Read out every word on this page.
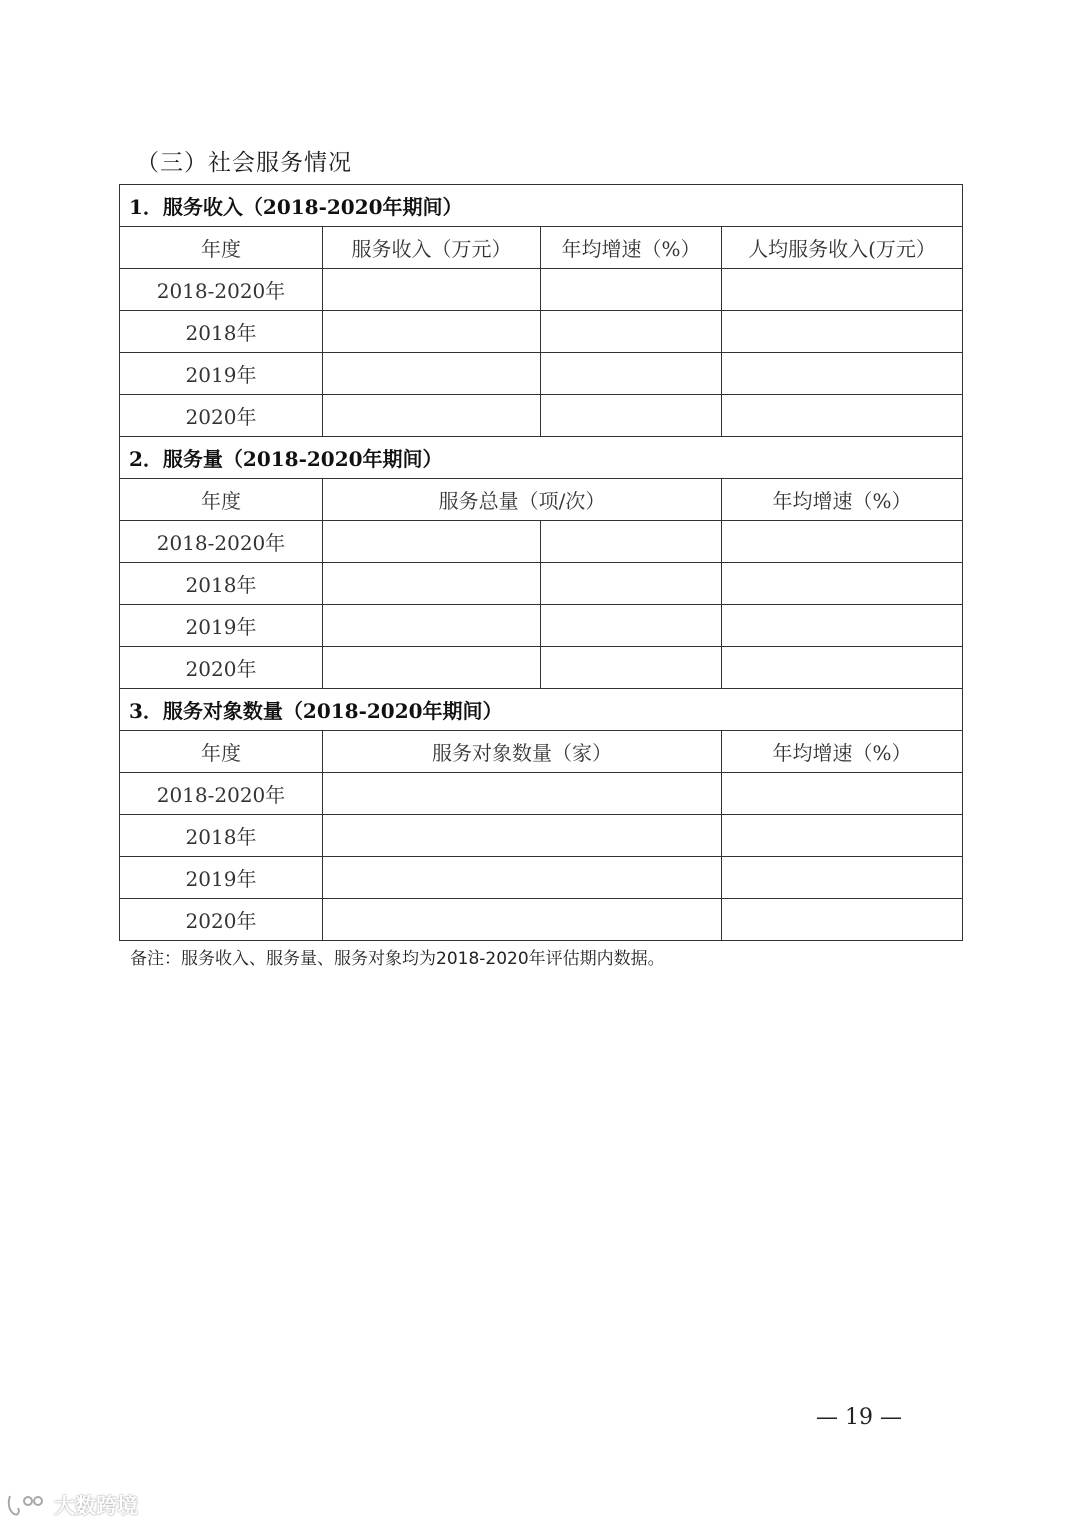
（三）社会服务情况
1．服务收入（2018-2020年期间）			
年度	服务收入（万元）	年均增速（%）	人均服务收入(万元）
2018-2020年			
2018年			
2019年			
2020年			
2．服务量（2018-2020年期间）			
年度	服务总量（项/次）		年均增速（%）
2018-2020年			
2018年			
2019年			
2020年			
3．服务对象数量（2018-2020年期间）			
年度	服务对象数量（家）		年均增速（%）
2018-2020年			
2018年			
2019年			
2020年			
备注：服务收入、服务量、服务对象均为2018-2020年评估期内数据。
— 19 —
大数跨境
